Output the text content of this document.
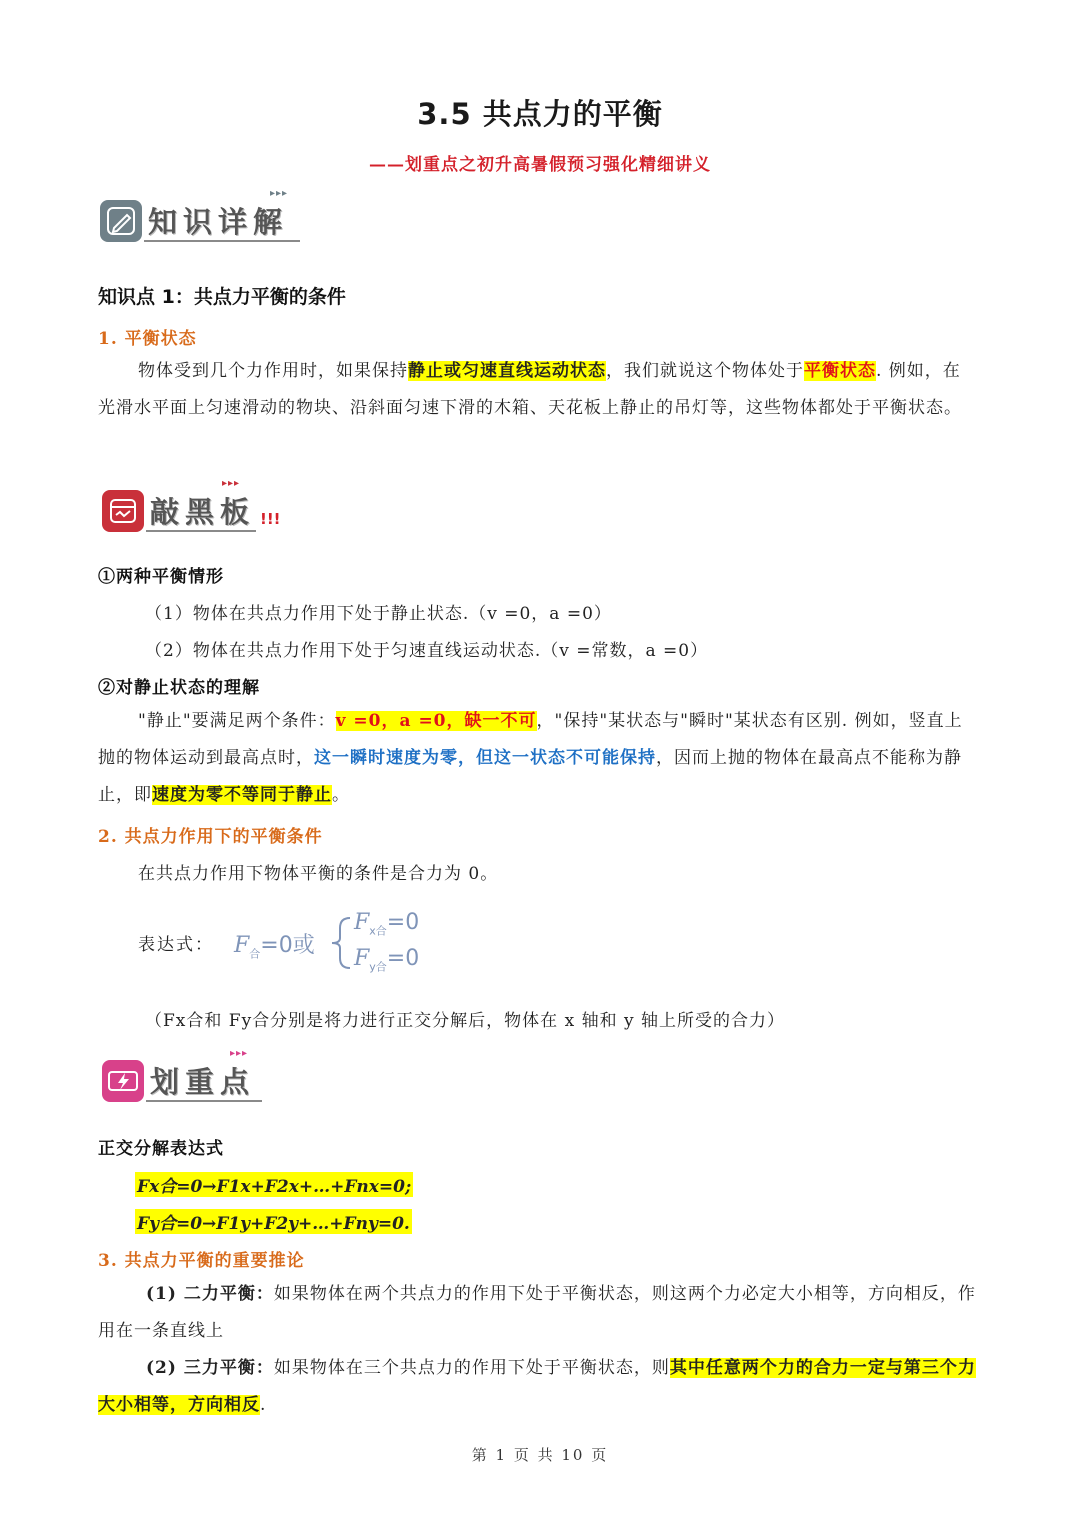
3.5 共点力的平衡
——划重点之初升高暑假预习强化精细讲义
知识详解
▸▸▸
知识点 1：共点力平衡的条件
1. 平衡状态
物体受到几个力作用时，如果保持静止或匀速直线运动状态，我们就说这个物体处于平衡状态. 例如，在光滑水平面上匀速滑动的物块、沿斜面匀速下滑的木箱、天花板上静止的吊灯等，这些物体都处于平衡状态。
敲黑板
▸▸▸
!!!
①两种平衡情形
（1）物体在共点力作用下处于静止状态.（v =0，a =0）
（2）物体在共点力作用下处于匀速直线运动状态.（v =常数，a =0）
②对静止状态的理解
"静止"要满足两个条件：v =0，a =0，缺一不可，"保持"某状态与"瞬时"某状态有区别. 例如，竖直上抛的物体运动到最高点时，这一瞬时速度为零，但这一状态不可能保持，因而上抛的物体在最高点不能称为静止，即速度为零不等同于静止。
2. 共点力作用下的平衡条件
在共点力作用下物体平衡的条件是合力为 0。
表达式： $F_合=0$或
$F_{x合}=0$
$F_{y合}=0$
（Fx合和 Fy合分别是将力进行正交分解后，物体在 x 轴和 y 轴上所受的合力）
划重点
▸▸▸
正交分解表达式
Fx合=0→F1x+F2x+…+Fnx=0;
Fy合=0→F1y+F2y+…+Fny=0.
3. 共点力平衡的重要推论
(1) 二力平衡：如果物体在两个共点力的作用下处于平衡状态，则这两个力必定大小相等，方向相反，作用在一条直线上
(2) 三力平衡：如果物体在三个共点力的作用下处于平衡状态，则其中任意两个力的合力一定与第三个力大小相等，方向相反.
第 1 页 共 10 页
